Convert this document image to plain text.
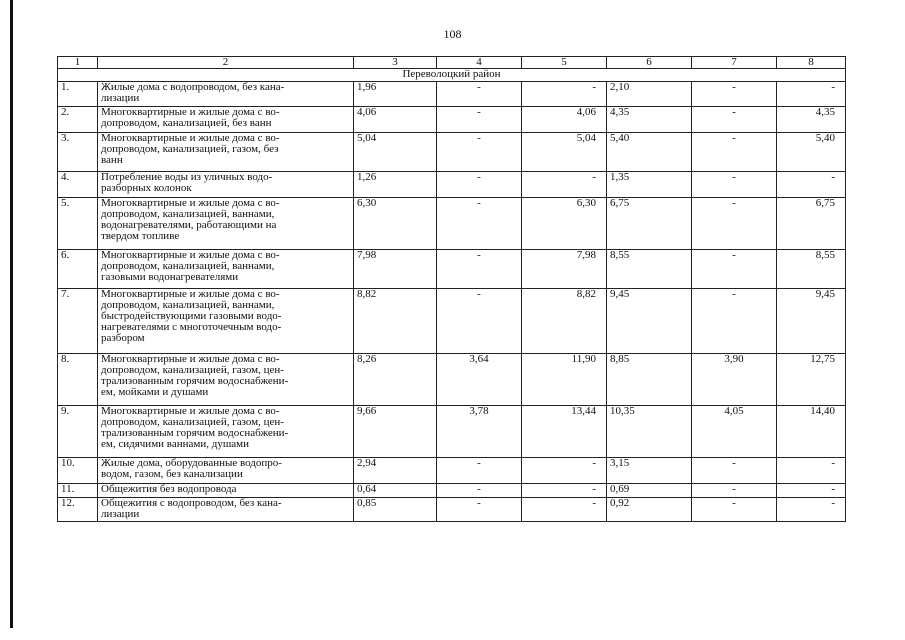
108
1	2	3	4	5	6	7	8
Переволоцкий район							
1.	Жилые дома с водопроводом, без кана-
лизации	1,96	-	-	2,10	-	-
2.	Многоквартирные и жилые дома с во-
допроводом, канализацией, без ванн	4,06	-	4,06	4,35	-	4,35
3.	Многоквартирные и жилые дома с во-
допроводом, канализацией, газом, без
ванн	5,04	-	5,04	5,40	-	5,40
4.	Потребление воды из уличных водо-
разборных колонок	1,26	-	-	1,35	-	-
5.	Многоквартирные и жилые дома с во-
допроводом, канализацией, ваннами,
водонагревателями, работающими на
твердом топливе	6,30	-	6,30	6,75	-	6,75
6.	Многоквартирные и жилые дома с во-
допроводом, канализацией, ваннами,
газовыми водонагревателями	7,98	-	7,98	8,55	-	8,55
7.	Многоквартирные и жилые дома с во-
допроводом, канализацией, ваннами,
быстродействующими газовыми водо-
нагревателями с многоточечным водо-
разбором	8,82	-	8,82	9,45	-	9,45
8.	Многоквартирные и жилые дома с во-
допроводом, канализацией, газом, цен-
трализованным горячим водоснабжени-
ем, мойками и душами	8,26	3,64	11,90	8,85	3,90	12,75
9.	Многоквартирные и жилые дома с во-
допроводом, канализацией, газом, цен-
трализованным горячим водоснабжени-
ем, сидячими ваннами, душами	9,66	3,78	13,44	10,35	4,05	14,40
10.	Жилые дома, оборудованные водопро-
водом, газом, без канализации	2,94	-	-	3,15	-	-
11.	Общежития без водопровода	0,64	-	-	0,69	-	-
12.	Общежития с водопроводом, без кана-
лизации	0,85	-	-	0,92	-	-
